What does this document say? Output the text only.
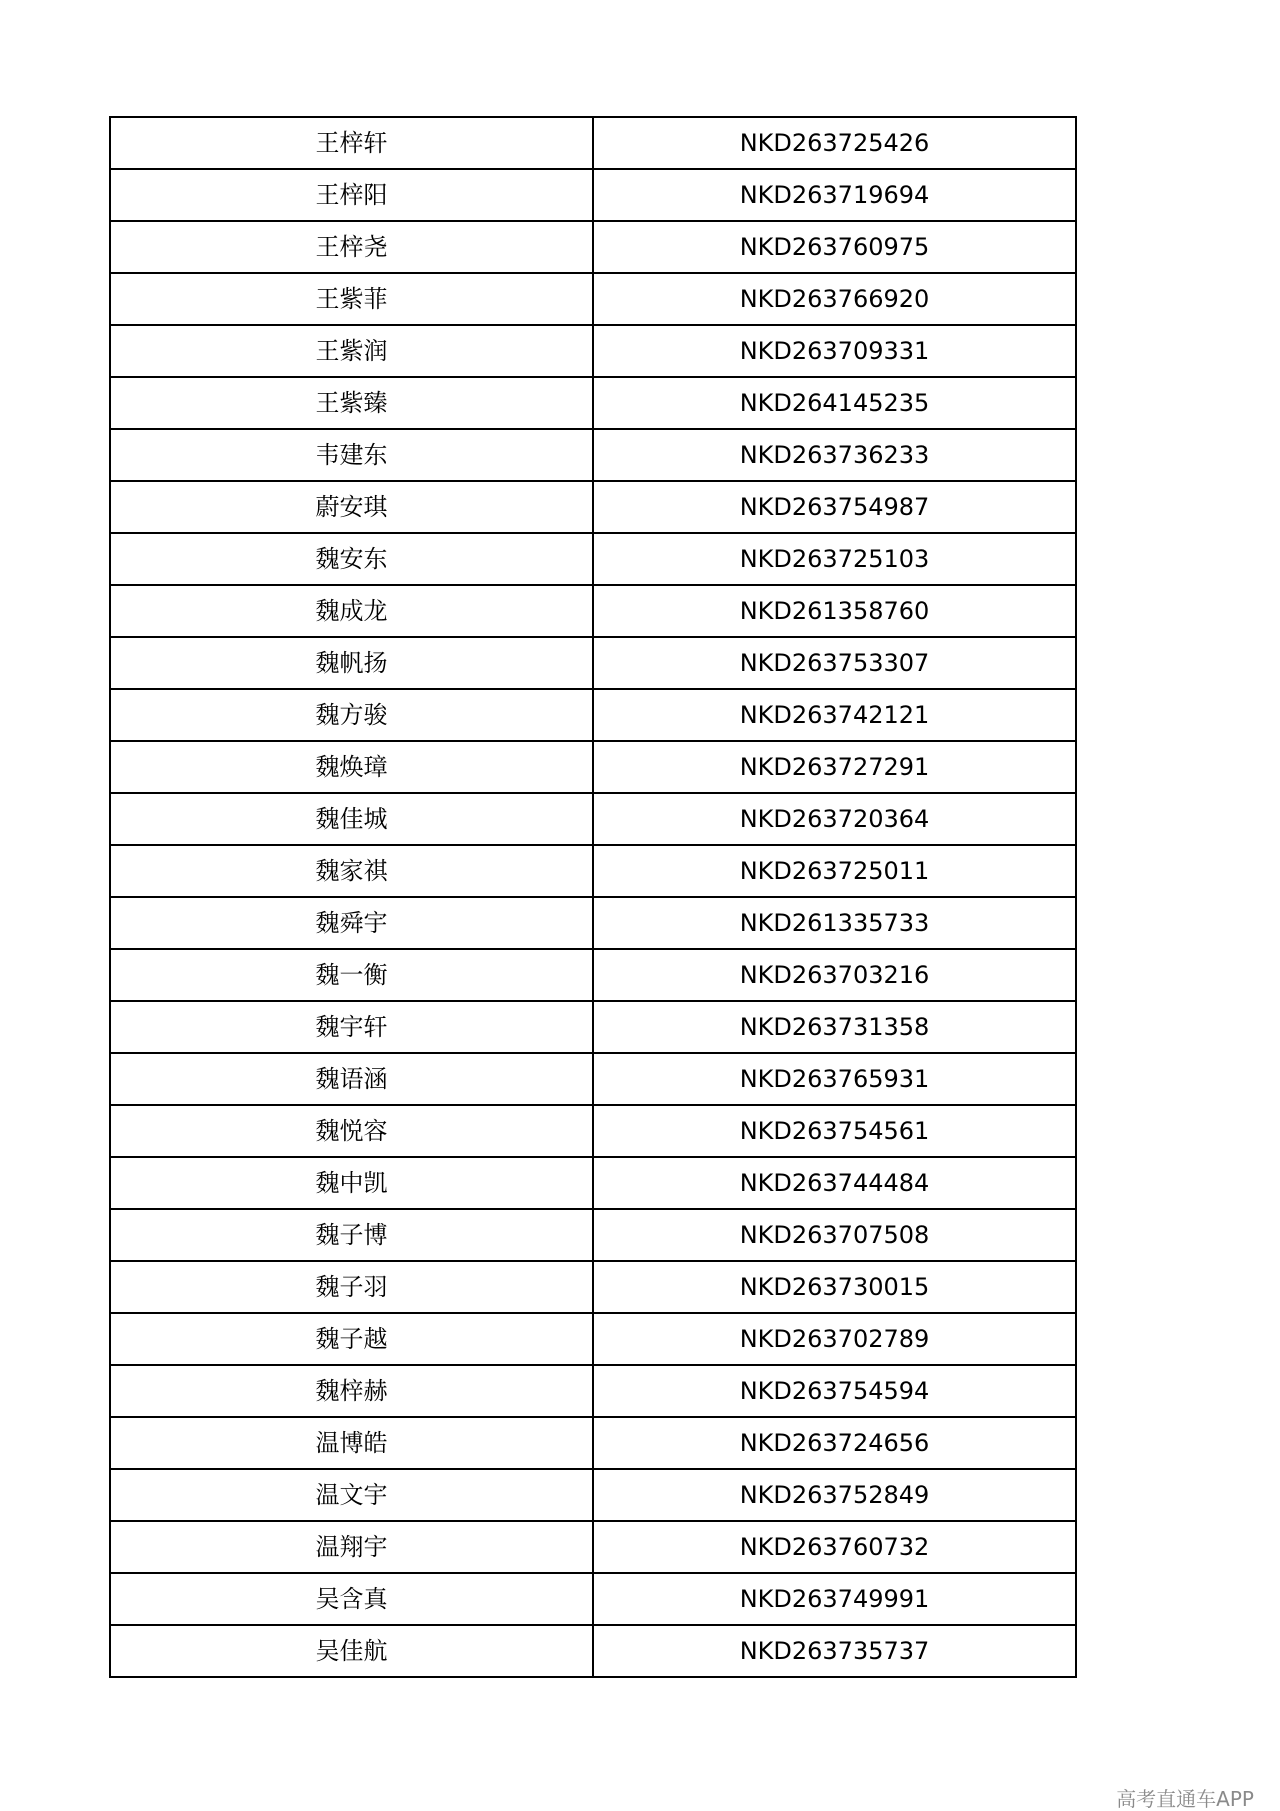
王梓轩	NKD263725426
王梓阳	NKD263719694
王梓尧	NKD263760975
王紫菲	NKD263766920
王紫润	NKD263709331
王紫臻	NKD264145235
韦建东	NKD263736233
蔚安琪	NKD263754987
魏安东	NKD263725103
魏成龙	NKD261358760
魏帆扬	NKD263753307
魏方骏	NKD263742121
魏焕璋	NKD263727291
魏佳城	NKD263720364
魏家祺	NKD263725011
魏舜宇	NKD261335733
魏一衡	NKD263703216
魏宇轩	NKD263731358
魏语涵	NKD263765931
魏悦容	NKD263754561
魏中凯	NKD263744484
魏子博	NKD263707508
魏子羽	NKD263730015
魏子越	NKD263702789
魏梓赫	NKD263754594
温博皓	NKD263724656
温文宇	NKD263752849
温翔宇	NKD263760732
吴含真	NKD263749991
吴佳航	NKD263735737
高考直通车APP
